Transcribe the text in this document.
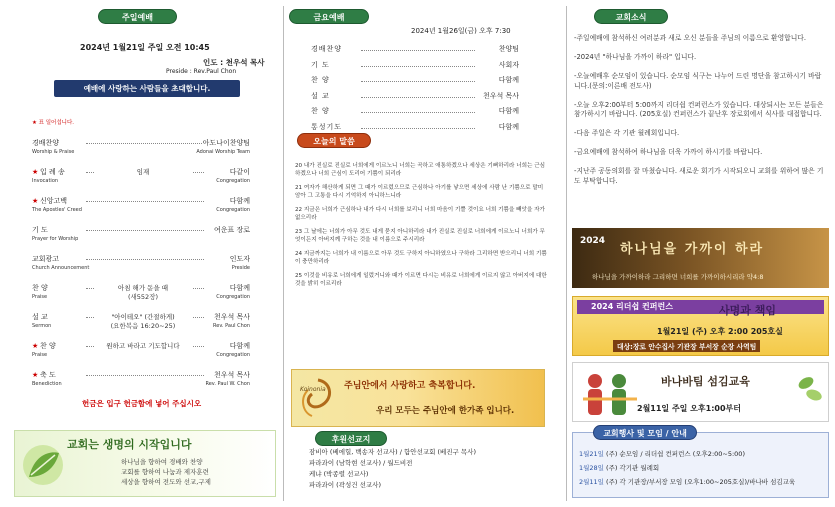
주일예배
2024년 1월21일 주일 오전 10:45
인도 : 천우석 목사
Preside : Rev.Paul Chon
예배에 사랑하는 사람들을 초대합니다.
★ 표 일어섭니다.
경배찬양	아도나이찬양팀
Worship & Praise	Adonai Worship Team
★ 입 례 송	임재	다같이
Invocation	Congregation
★ 신앙고백	다함께
The Apostles' Creed	Congregation
기 도	여운표 장로
Prayer for Worship
교회광고	인도자
Church Announcement	Preside
찬 양	아침 해가 돋을 때	다함께
Praise	(새552장)	Congregation
설 교	"아이테오" (간절하게)	천우석 목사
Sermon	(요한복음 16:20~25)	Rev. Paul Chon
★ 찬 양	원하고 바라고 기도합니다	다함께
Praise	Congregation
★ 축 도	천우석 목사
Benediction	Rev. Paul W. Chon
헌금은 입구 헌금함에 넣어 주십시오
교회는 생명의 시작입니다
하나님을 향하여 경배와 찬양
교회를 향하여 나눔과 제자훈련
세상을 향하여 전도와 선교,구제
금요예배
2024년 1월26일(금) 오후 7:30
경배찬양	찬양팀
기 도	사회자
찬 양	다함께
설 교	천우석 목사
찬 양	다함께
통성기도	다함께
오늘의 말씀

20 내가 진실로 진실로 너희에게 이르노니 너희는 곡하고 애통하겠으나 세상은 기뻐하리라 너희는 근심하겠으나 너희 근심이 도리어 기쁨이 되리라

21 여자가 해산하게 되면 그 때가 이르렀으므로 근심하나 아기를 낳으면 세상에 사람 난 기쁨으로 말미암아 그 고통을 다시 기억하지 아니하느니라

22 지금은 너희가 근심하나 내가 다시 너희를 보리니 너희 마음이 기쁠 것이요 너희 기쁨을 빼앗을 자가 없으리라

23 그 날에는 너희가 아무 것도 내게 묻지 아니하리라 내가 진실로 진실로 너희에게 이르노니 너희가 무엇이든지 아버지께 구하는 것을 내 이름으로 주시리라

24 지금까지는 너희가 내 이름으로 아무 것도 구하지 아니하였으나 구하라 그리하면 받으리니 너희 기쁨이 충만하리라

25 이것을 비유로 너희에게 일렀거니와 때가 이르면 다시는 비유로 너희에게 이르지 않고 아버지에 대한 것을 밝히 이르리라

Koinonia 주님안에서 사랑하고 축복합니다.
우리 모두는 주님안에 한가족 입니다.
후원선교지
잠비아 (베에힐, 백송자 선교사) / 함안선교회 (베진구 목사)
파라과이 (남학현 선교사) / 월드비전
케냐 (박종렬 선교사)
파라과이 (곽성건 선교사)
교회소식

-주일예배에 참석하신 여러분과 새로 오신 분들을 주님의 이름으로 환영합니다.

-2024년 "하나님을 가까이 하라" 입니다.

-오늘예배후 순모임이 있습니다. 순모임 식구는 나누어 드린 명단을 참고하시기 바랍니다.(문의:이른배 전도사)

-오늘 오후2:00부터 5:00까지 리더쉽 컨퍼런스가 있습니다. 대상되시는 모든 분들은 참가하시기 바랍니다. (205호실) 컨퍼런스가 끝난후 장로회에서 식사를 대접합니다.

-다음 주일은 각 기관 월례회입니다.

-금요예배에 참석하여 하나님을 더욱 가까이 하시기를 바랍니다.

-지난주 공동의회를 잘 마쳤습니다. 새로운 회기가 시작되오니 교회를 위하여 많은 기도 부탁합니다.

2024
하나님을 가까이 하라
하나님을 가까이하라 그리하면 너희를 가까이하시리라 약4:8
2024 리더쉽 컨퍼런스	사명과 책임
1월21일 (주) 오후 2:00 205호실
대상:장로 안수집사 기관장 부서장 순장 사역팀
바나바팀 섬김교육
2월11일 주일 오후1:00부터
교회행사 및 모임 / 안내
1월21일 (주) 순모임 / 리더쉽 컨퍼런스 (오후2:00~5:00)
1월28일 (주) 각기관 월례회
2월11일 (주) 각 기관장/부서장 모임 (오후1:00~205호실)/바나바 섬김교육
